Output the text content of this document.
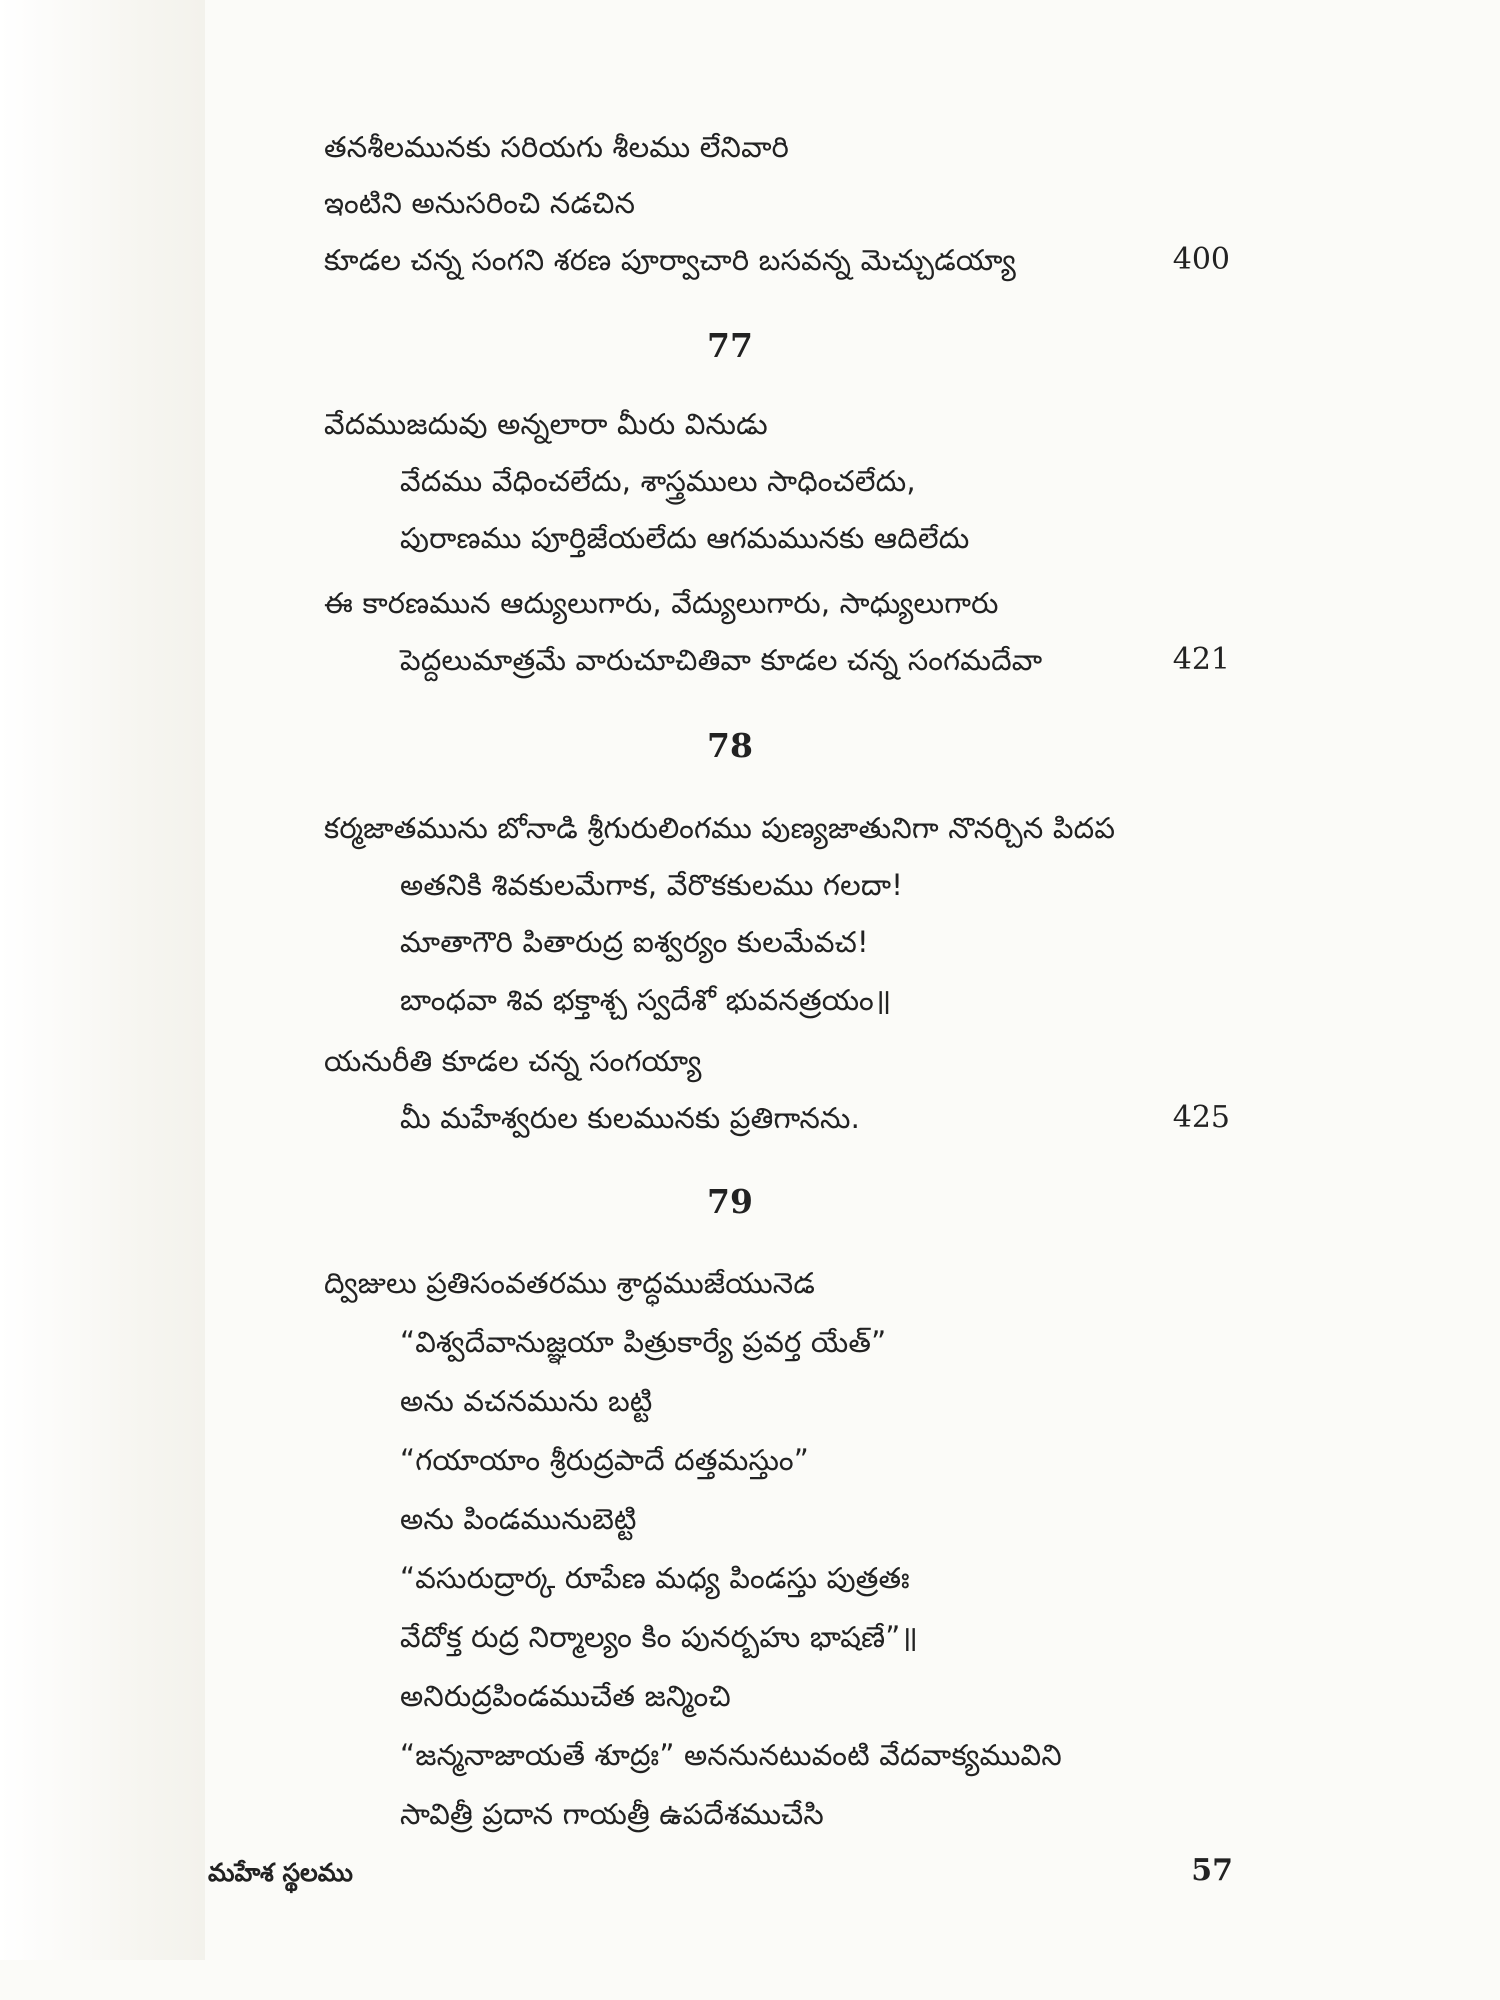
తనశీలమునకు సరియగు శీలము లేనివారి
ఇంటిని అనుసరించి నడచిన
కూడల చన్న సంగని శరణ పూర్వాచారి బసవన్న మెచ్చుడయ్యా	400
77
వేదముజదువు అన్నలారా మీరు వినుడు
వేదము వేధించలేదు, శాస్త్రములు సాధించలేదు,
పురాణము పూర్తిజేయలేదు ఆగమమునకు ఆదిలేదు
ఈ కారణమున ఆద్యులుగారు, వేద్యులుగారు, సాధ్యులుగారు
పెద్దలుమాత్రమే వారుచూచితివా కూడల చన్న సంగమదేవా	421
78
కర్మజాతమును బోనాడి శ్రీగురులింగము పుణ్యజాతునిగా నొనర్చిన పిదప
అతనికి శివకులమేగాక, వేరొకకులము గలదా!
మాతాగౌరి పితారుద్ర ఐశ్వర్యం కులమేవచ!
బాంధవా శివ భక్తాశ్చ స్వదేశో భువనత్రయం॥
యనురీతి కూడల చన్న సంగయ్యా
మీ మహేశ్వరుల కులమునకు ప్రతిగానను.	425
79
ద్విజులు ప్రతిసంవతరము శ్రాద్ధముజేయునెడ
“విశ్వదేవానుజ్ఞయా పిత్రుకార్యే ప్రవర్త యేత్”
అను వచనమును బట్టి
“గయాయాం శ్రీరుద్రపాదే దత్తమస్తుం”
అను పిండమునుబెట్టి
“వసురుద్రార్క రూపేణ మధ్య పిండస్తు పుత్రతః
వేదోక్త రుద్ర నిర్మాల్యం కిం పునర్బహు భాషణే”॥
అనిరుద్రపిండముచేత జన్మించి
“జన్మనాజాయతే శూద్రః” అననునటువంటి వేదవాక్యమువిని
సావిత్రీ ప్రదాన గాయత్రీ ఉపదేశముచేసి
మహేశ స్థలము	57
